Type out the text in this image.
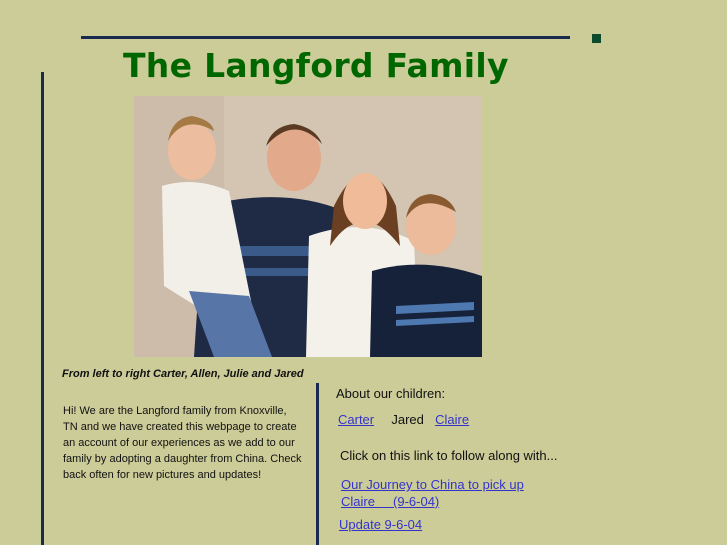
The Langford Family
From left to right Carter, Allen, Julie and Jared
Hi! We are the Langford family from Knoxville, TN and we have created this webpage to create an account of our experiences as we add to our family by adopting a daughter from China. Check back often for new pictures and updates!
About our children:
Carter Jared Claire
Click on this link to follow along with...
Our Journey to China to pick up
Claire     (9-6-04)
Update 9-6-04
